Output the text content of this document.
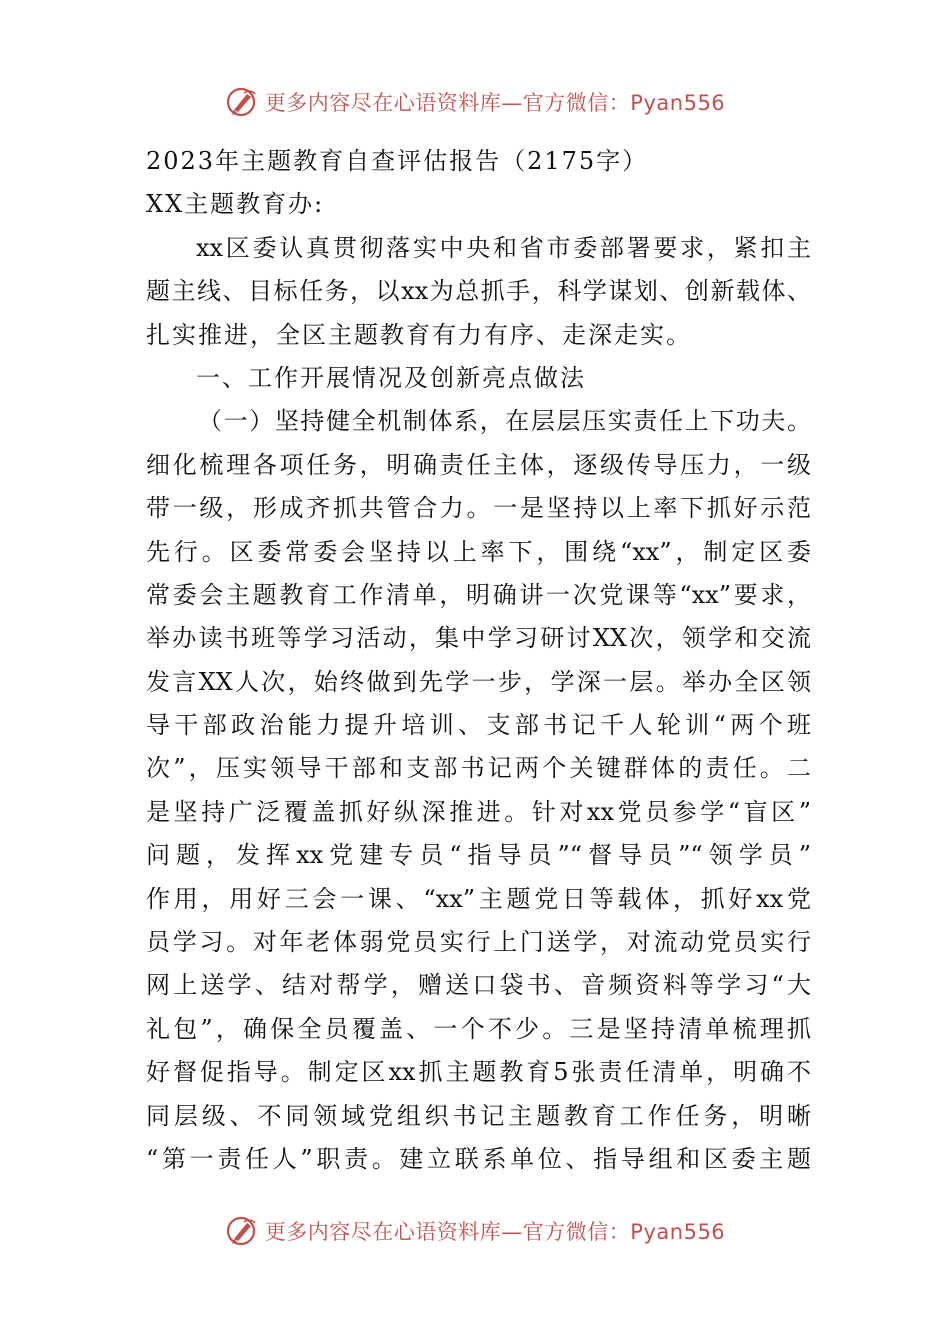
更多内容尽在心语资料库—官方微信：Pyan556
2023年主题教育自查评估报告（2175字）
XX主题教育办:
xx区委认真贯彻落实中央和省市委部署要求，紧扣主
题主线、目标任务，以xx为总抓手，科学谋划、创新载体、
扎实推进，全区主题教育有力有序、走深走实。
一、工作开展情况及创新亮点做法
（一）坚持健全机制体系，在层层压实责任上下功夫。
细化梳理各项任务，明确责任主体，逐级传导压力，一级
带一级，形成齐抓共管合力。一是坚持以上率下抓好示范
先行。区委常委会坚持以上率下，围绕“xx”，制定区委
常委会主题教育工作清单，明确讲一次党课等“xx”要求，
举办读书班等学习活动，集中学习研讨XX次，领学和交流
发言XX人次，始终做到先学一步，学深一层。举办全区领
导干部政治能力提升培训、支部书记千人轮训“两个班
次”，压实领导干部和支部书记两个关键群体的责任。二
是坚持广泛覆盖抓好纵深推进。针对xx党员参学“盲区”
问题，发挥xx党建专员“指导员”“督导员”“领学员”
作用，用好三会一课、“xx”主题党日等载体，抓好xx党
员学习。对年老体弱党员实行上门送学，对流动党员实行
网上送学、结对帮学，赠送口袋书、音频资料等学习“大
礼包”，确保全员覆盖、一个不少。三是坚持清单梳理抓
好督促指导。制定区xx抓主题教育5张责任清单，明确不
同层级、不同领域党组织书记主题教育工作任务，明晰
“第一责任人”职责。建立联系单位、指导组和区委主题
更多内容尽在心语资料库—官方微信：Pyan556
